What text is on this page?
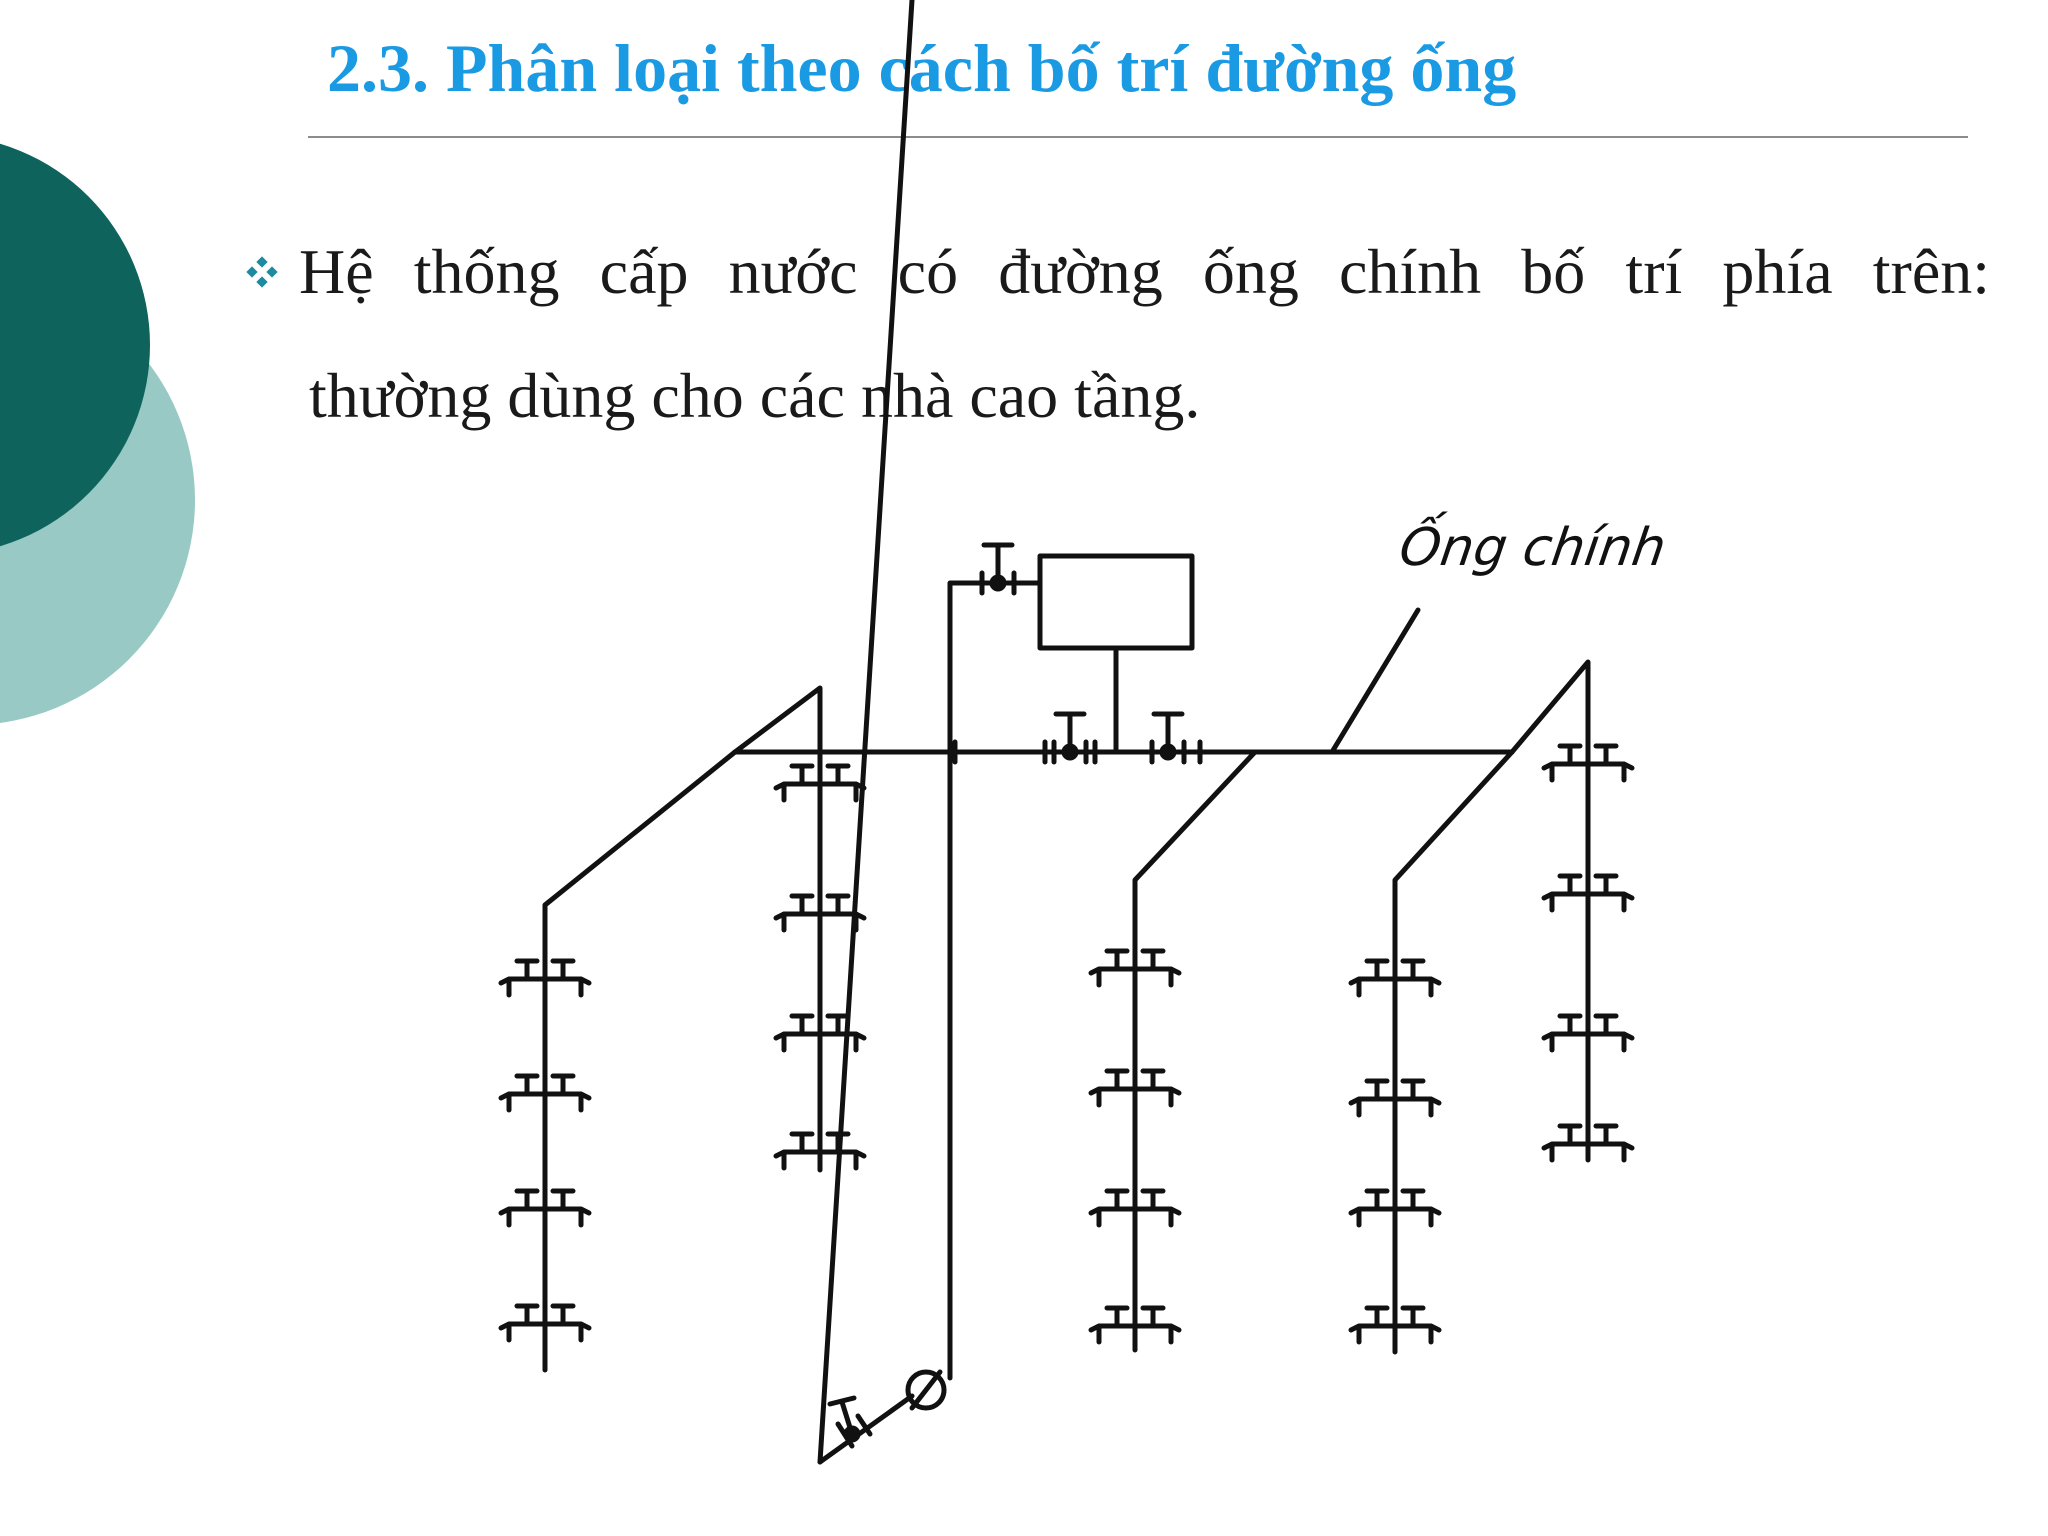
2.3. Phân loại theo cách bố trí đường ống
Hệ thống cấp nước có đường ống chính bố trí phía trên:
thường dùng cho các nhà cao tầng.
Ống chính
